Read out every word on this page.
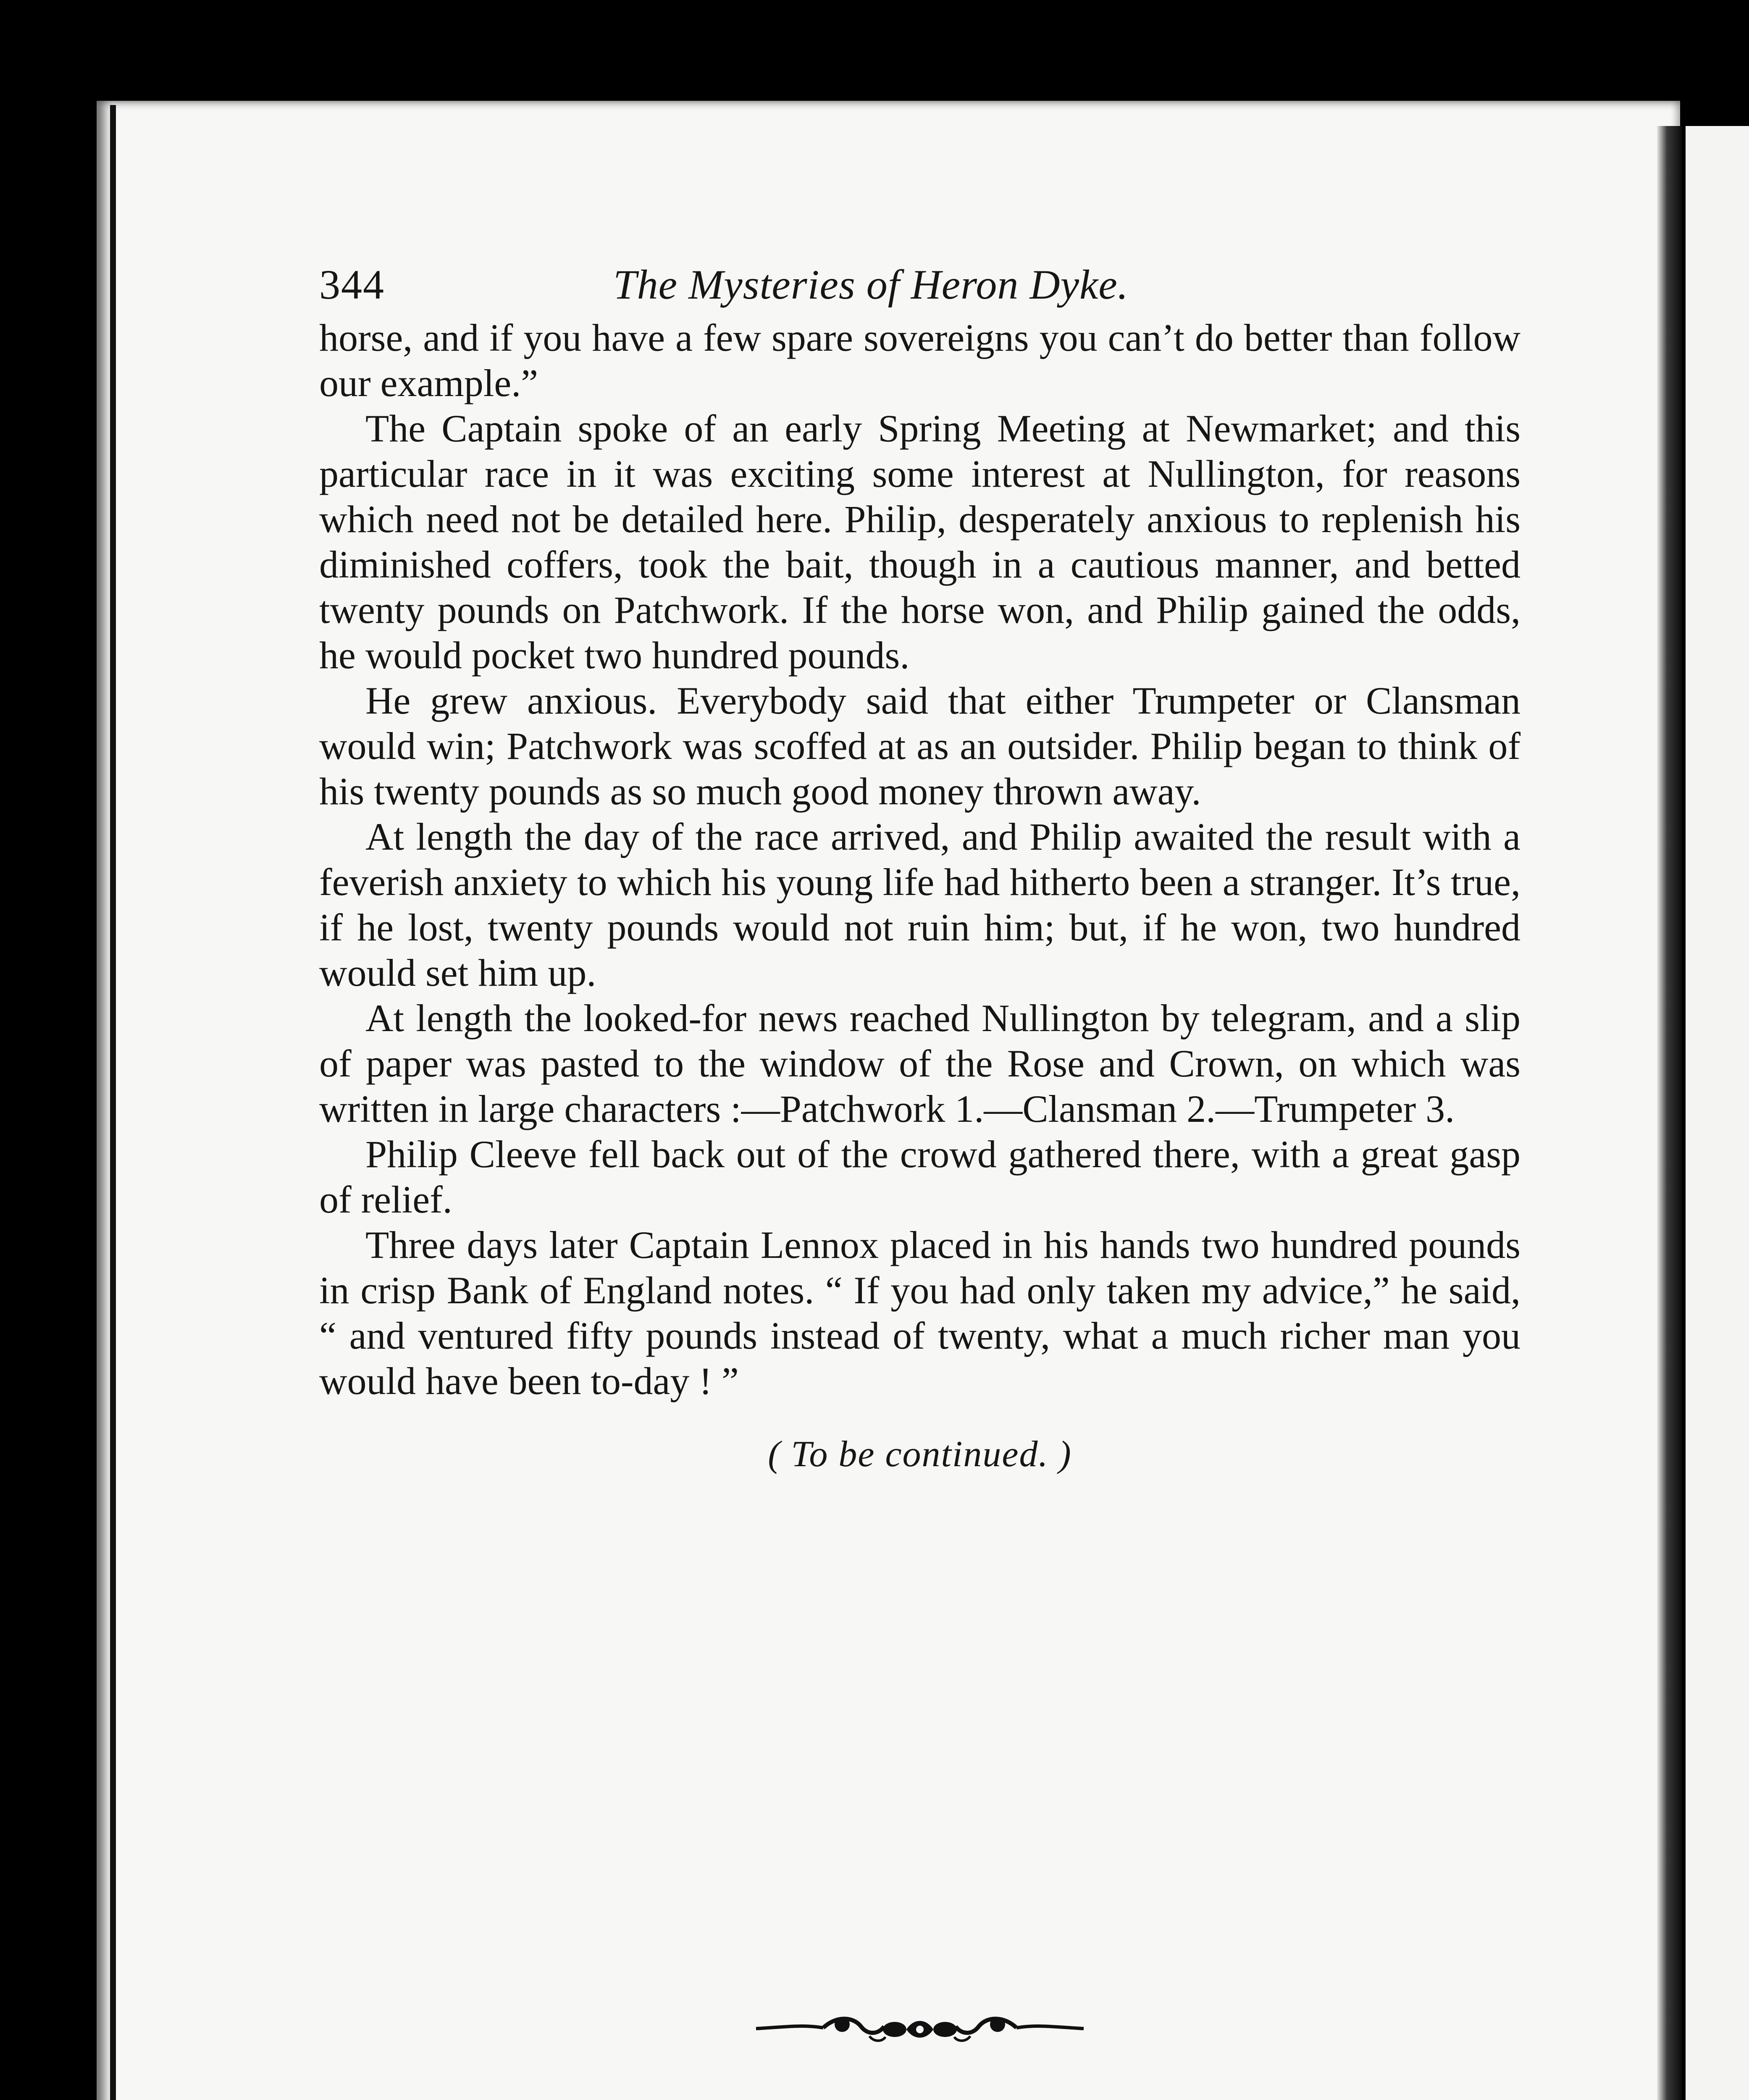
344	The Mysteries of Heron Dyke.

horse, and if you have a few spare sovereigns you can’t do better than follow our example.”

The Captain spoke of an early Spring Meeting at Newmarket; and this particular race in it was exciting some interest at Nullington, for reasons which need not be detailed here. Philip, desperately anxious to replenish his diminished coffers, took the bait, though in a cautious manner, and betted twenty pounds on Patchwork. If the horse won, and Philip gained the odds, he would pocket two hundred pounds.

He grew anxious. Everybody said that either Trumpeter or Clansman would win; Patchwork was scoffed at as an outsider. Philip began to think of his twenty pounds as so much good money thrown away.

At length the day of the race arrived, and Philip awaited the result with a feverish anxiety to which his young life had hitherto been a stranger. It’s true, if he lost, twenty pounds would not ruin him; but, if he won, two hundred would set him up.

At length the looked-for news reached Nullington by telegram, and a slip of paper was pasted to the window of the Rose and Crown, on which was written in large characters :—Patchwork 1.—Clansman 2.—Trumpeter 3.

Philip Cleeve fell back out of the crowd gathered there, with a great gasp of relief.

Three days later Captain Lennox placed in his hands two hundred pounds in crisp Bank of England notes. “ If you had only taken my advice,” he said, “ and ventured fifty pounds instead of twenty, what a much richer man you would have been to-day ! ”

( To be continued. )
